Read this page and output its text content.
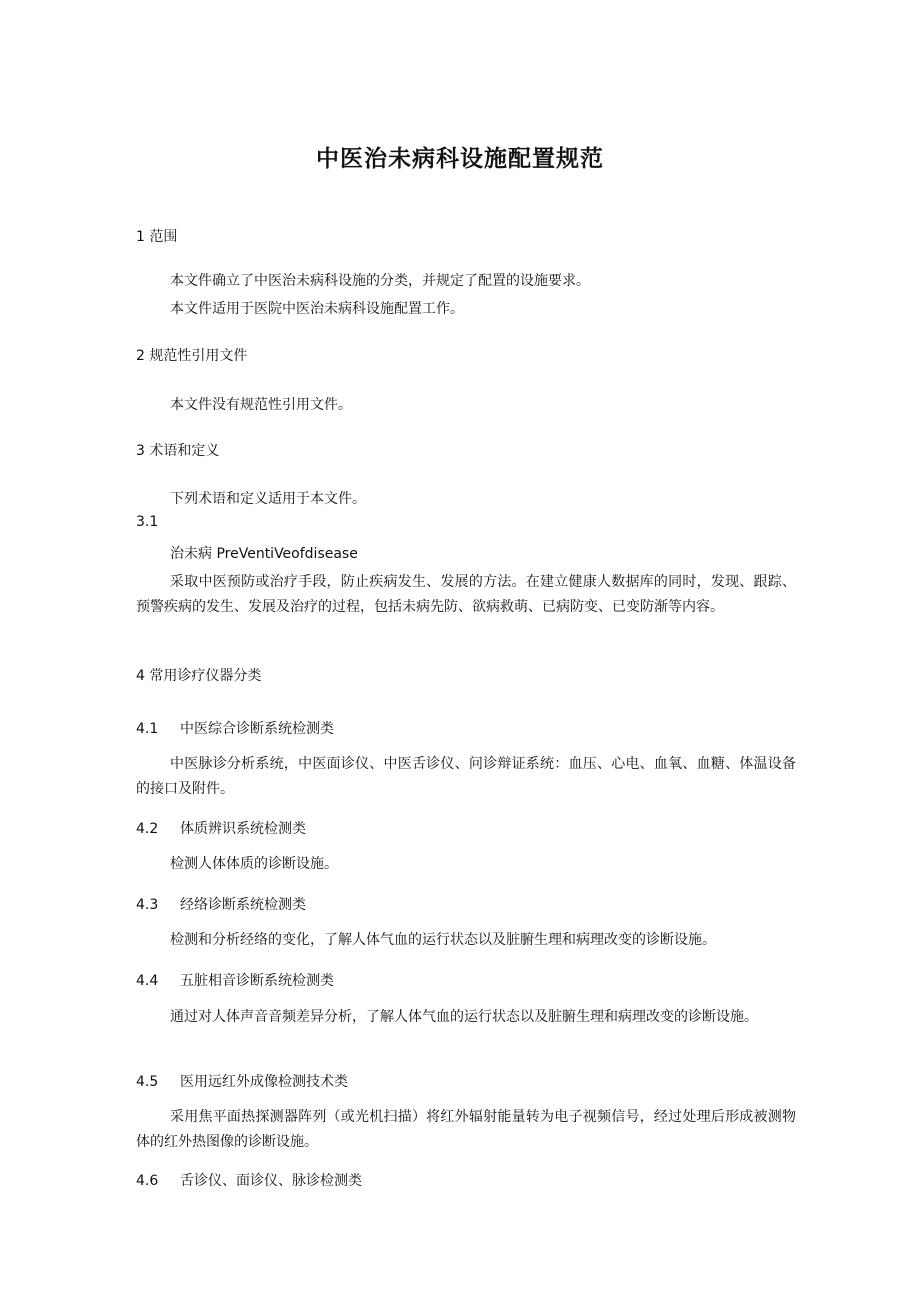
中医治未病科设施配置规范
1 范围
本文件确立了中医治未病科设施的分类，并规定了配置的设施要求。
本文件适用于医院中医治未病科设施配置工作。
2 规范性引用文件
本文件没有规范性引用文件。
3 术语和定义
下列术语和定义适用于本文件。
3.1
治未病 PreVentiVeofdisease
采取中医预防或治疗手段，防止疾病发生、发展的方法。在建立健康人数据库的同时，发现、跟踪、预警疾病的发生、发展及治疗的过程，包括未病先防、欲病救萌、已病防变、已变防渐等内容。
4 常用诊疗仪器分类
4.1 中医综合诊断系统检测类
中医脉诊分析系统，中医面诊仪、中医舌诊仪、问诊辩证系统：血压、心电、血氧、血糖、体温设备的接口及附件。
4.2 体质辨识系统检测类
检测人体体质的诊断设施。
4.3 经络诊断系统检测类
检测和分析经络的变化，了解人体气血的运行状态以及脏腑生理和病理改变的诊断设施。
4.4 五脏相音诊断系统检测类
通过对人体声音音频差异分析，了解人体气血的运行状态以及脏腑生理和病理改变的诊断设施。
4.5 医用远红外成像检测技术类
采用焦平面热探测器阵列（或光机扫描）将红外辐射能量转为电子视频信号，经过处理后形成被测物体的红外热图像的诊断设施。
4.6 舌诊仪、面诊仪、脉诊检测类
